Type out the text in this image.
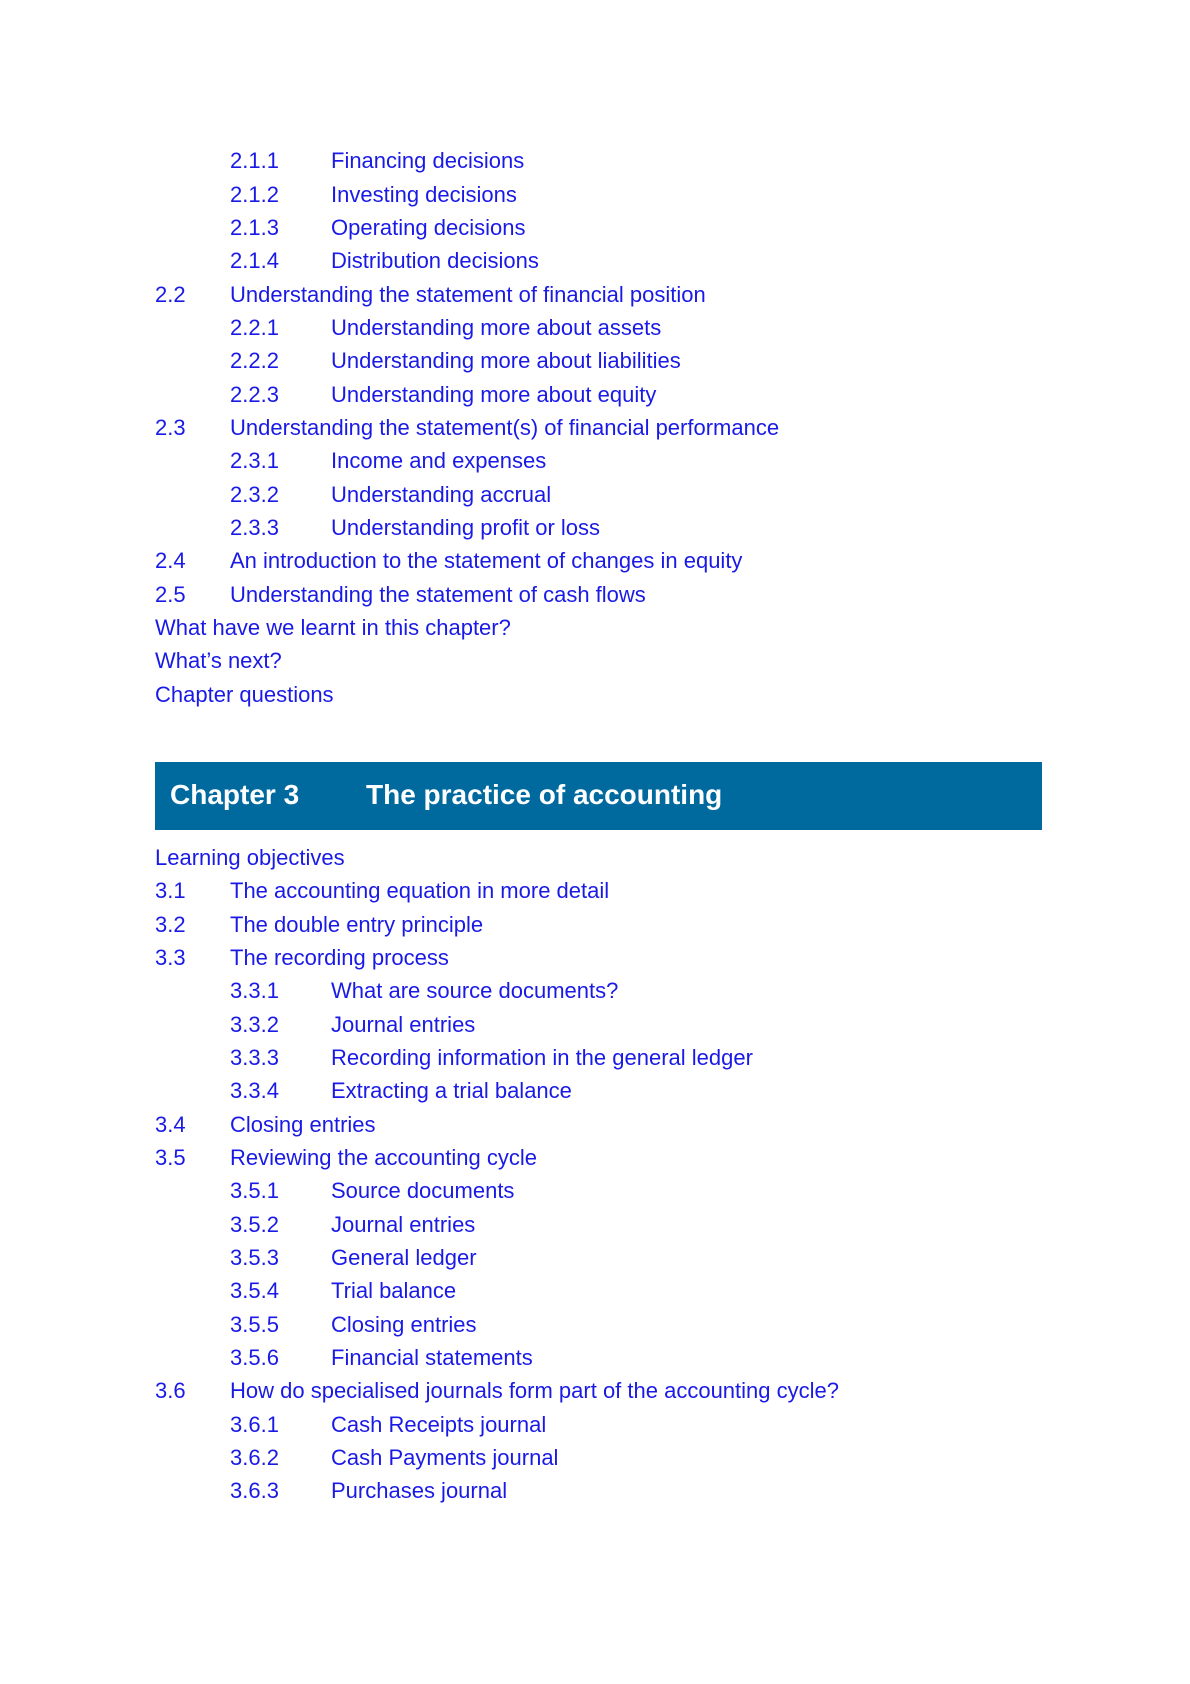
2.1.1 Financing decisions
2.1.2 Investing decisions
2.1.3 Operating decisions
2.1.4 Distribution decisions
2.2 Understanding the statement of financial position
2.2.1 Understanding more about assets
2.2.2 Understanding more about liabilities
2.2.3 Understanding more about equity
2.3 Understanding the statement(s) of financial performance
2.3.1 Income and expenses
2.3.2 Understanding accrual
2.3.3 Understanding profit or loss
2.4 An introduction to the statement of changes in equity
2.5 Understanding the statement of cash flows
What have we learnt in this chapter?
What’s next?
Chapter questions
Chapter 3 The practice of accounting
Learning objectives
3.1 The accounting equation in more detail
3.2 The double entry principle
3.3 The recording process
3.3.1 What are source documents?
3.3.2 Journal entries
3.3.3 Recording information in the general ledger
3.3.4 Extracting a trial balance
3.4 Closing entries
3.5 Reviewing the accounting cycle
3.5.1 Source documents
3.5.2 Journal entries
3.5.3 General ledger
3.5.4 Trial balance
3.5.5 Closing entries
3.5.6 Financial statements
3.6 How do specialised journals form part of the accounting cycle?
3.6.1 Cash Receipts journal
3.6.2 Cash Payments journal
3.6.3 Purchases journal
